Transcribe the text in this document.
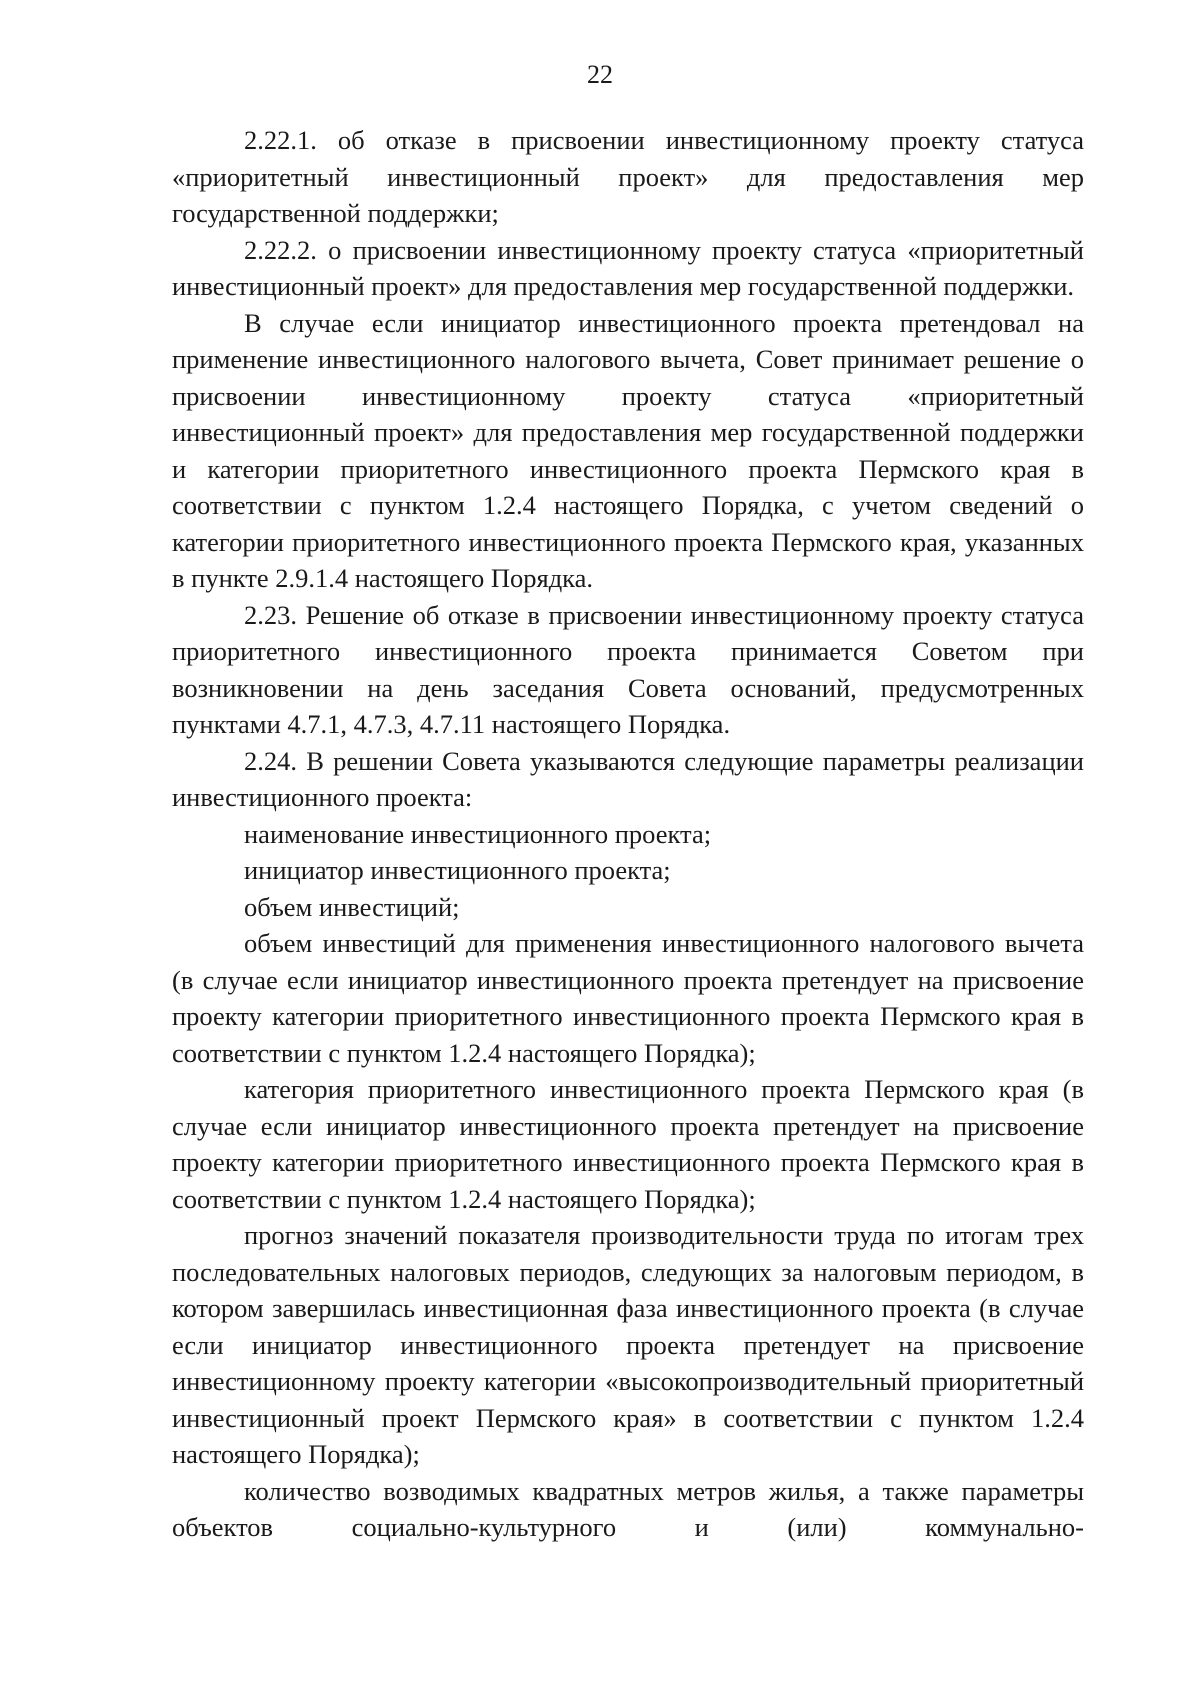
22

2.22.1. об отказе в присвоении инвестиционному проекту статуса «приоритетный инвестиционный проект» для предоставления мер государственной поддержки;

2.22.2. о присвоении инвестиционному проекту статуса «приоритетный инвестиционный проект» для предоставления мер государственной поддержки.

В случае если инициатор инвестиционного проекта претендовал на применение инвестиционного налогового вычета, Совет принимает решение о присвоении инвестиционному проекту статуса «приоритетный инвестиционный проект» для предоставления мер государственной поддержки и категории приоритетного инвестиционного проекта Пермского края в соответствии с пунктом 1.2.4 настоящего Порядка, с учетом сведений о категории приоритетного инвестиционного проекта Пермского края, указанных в пункте 2.9.1.4 настоящего Порядка.

2.23. Решение об отказе в присвоении инвестиционному проекту статуса приоритетного инвестиционного проекта принимается Советом при возникновении на день заседания Совета оснований, предусмотренных пунктами 4.7.1, 4.7.3, 4.7.11 настоящего Порядка.

2.24. В решении Совета указываются следующие параметры реализации инвестиционного проекта:

наименование инвестиционного проекта;

инициатор инвестиционного проекта;

объем инвестиций;

объем инвестиций для применения инвестиционного налогового вычета (в случае если инициатор инвестиционного проекта претендует на присвоение проекту категории приоритетного инвестиционного проекта Пермского края в соответствии с пунктом 1.2.4 настоящего Порядка);

категория приоритетного инвестиционного проекта Пермского края (в случае если инициатор инвестиционного проекта претендует на присвоение проекту категории приоритетного инвестиционного проекта Пермского края в соответствии с пунктом 1.2.4 настоящего Порядка);

прогноз значений показателя производительности труда по итогам трех последовательных налоговых периодов, следующих за налоговым периодом, в котором завершилась инвестиционная фаза инвестиционного проекта (в случае если инициатор инвестиционного проекта претендует на присвоение инвестиционному проекту категории «высокопроизводительный приоритетный инвестиционный проект Пермского края» в соответствии с пунктом 1.2.4 настоящего Порядка);

количество возводимых квадратных метров жилья, а также параметры объектов социально-культурного и (или) коммунально-
